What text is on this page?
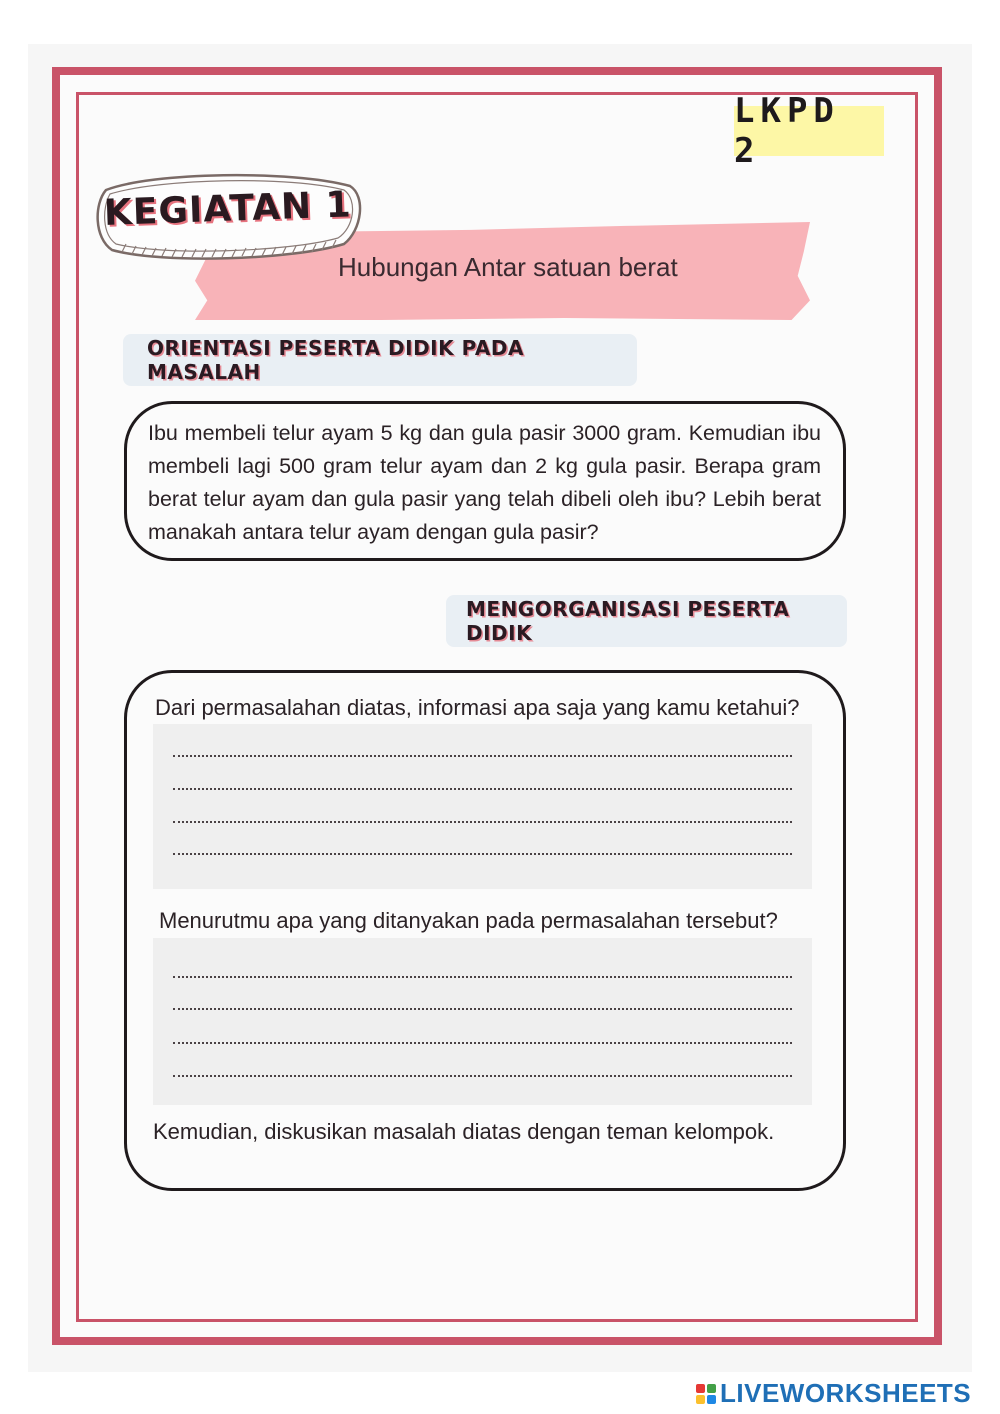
LKPD 2
Hubungan Antar satuan berat
KEGIATAN 1
ORIENTASI PESERTA DIDIK PADA MASALAH
Ibu membeli telur ayam 5 kg dan gula pasir 3000 gram. Kemudian ibu membeli lagi 500 gram telur ayam dan 2 kg gula pasir. Berapa gram berat telur ayam dan gula pasir yang telah dibeli oleh ibu? Lebih berat manakah antara telur ayam dengan gula pasir?
MENGORGANISASI PESERTA DIDIK
Dari permasalahan diatas, informasi apa saja yang kamu ketahui?
Menurutmu apa yang ditanyakan pada permasalahan tersebut?
Kemudian, diskusikan masalah diatas dengan teman kelompok.
LIVEWORKSHEETS
